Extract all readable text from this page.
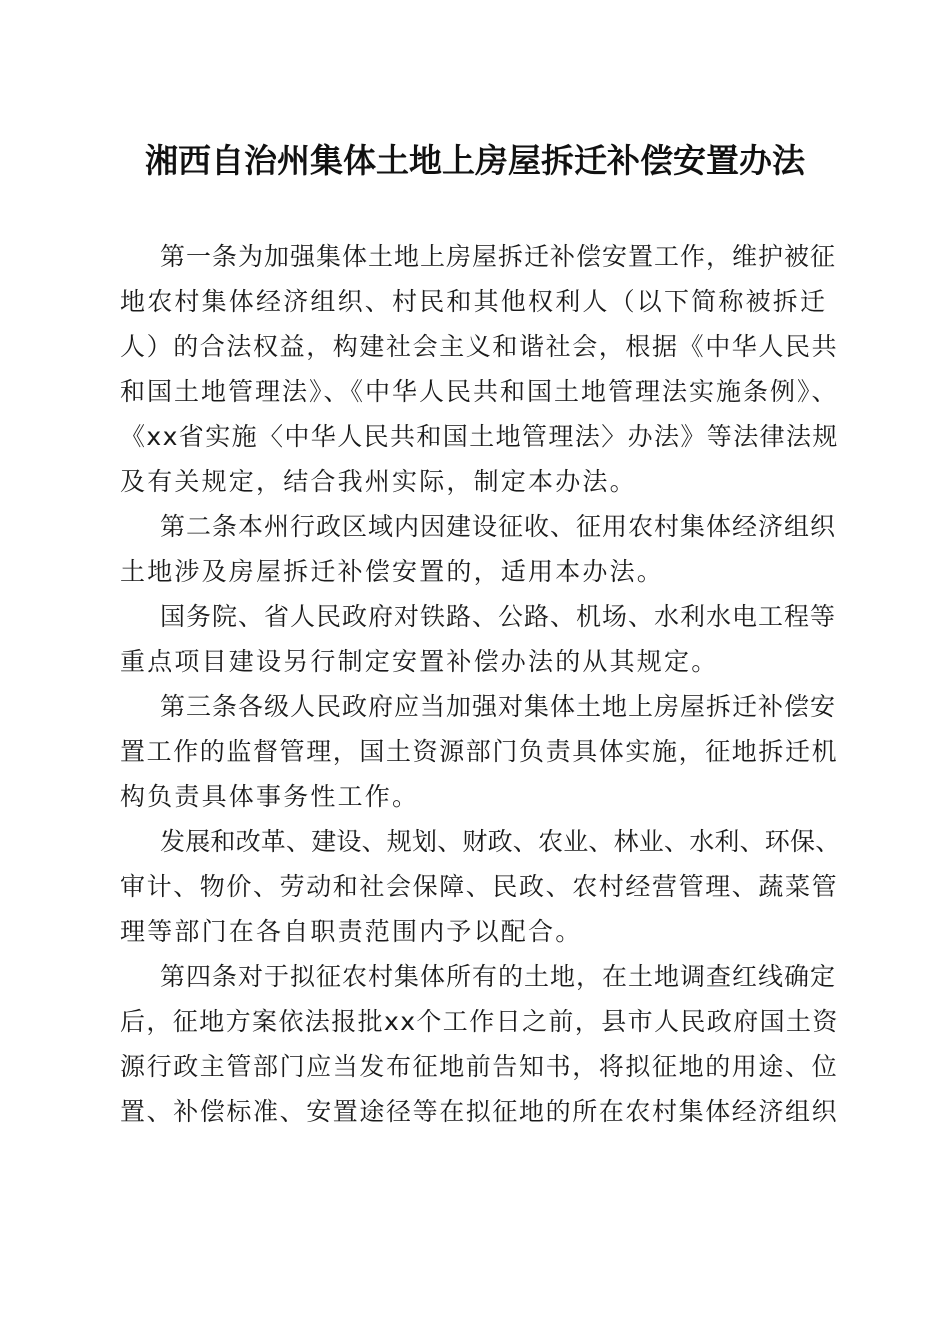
湘西自治州集体土地上房屋拆迁补偿安置办法
第一条为加强集体土地上房屋拆迁补偿安置工作，维护被征
地农村集体经济组织、村民和其他权利人（以下简称被拆迁
人）的合法权益，构建社会主义和谐社会，根据《中华人民共
和国土地管理法》、《中华人民共和国土地管理法实施条例》、
《xx省实施〈中华人民共和国土地管理法〉办法》等法律法规
及有关规定，结合我州实际，制定本办法。
第二条本州行政区域内因建设征收、征用农村集体经济组织
土地涉及房屋拆迁补偿安置的，适用本办法。
国务院、省人民政府对铁路、公路、机场、水利水电工程等
重点项目建设另行制定安置补偿办法的从其规定。
第三条各级人民政府应当加强对集体土地上房屋拆迁补偿安
置工作的监督管理，国土资源部门负责具体实施，征地拆迁机
构负责具体事务性工作。
发展和改革、建设、规划、财政、农业、林业、水利、环保、
审计、物价、劳动和社会保障、民政、农村经营管理、蔬菜管
理等部门在各自职责范围内予以配合。
第四条对于拟征农村集体所有的土地，在土地调查红线确定
后，征地方案依法报批xx个工作日之前，县市人民政府国土资
源行政主管部门应当发布征地前告知书，将拟征地的用途、位
置、补偿标准、安置途径等在拟征地的所在农村集体经济组织
